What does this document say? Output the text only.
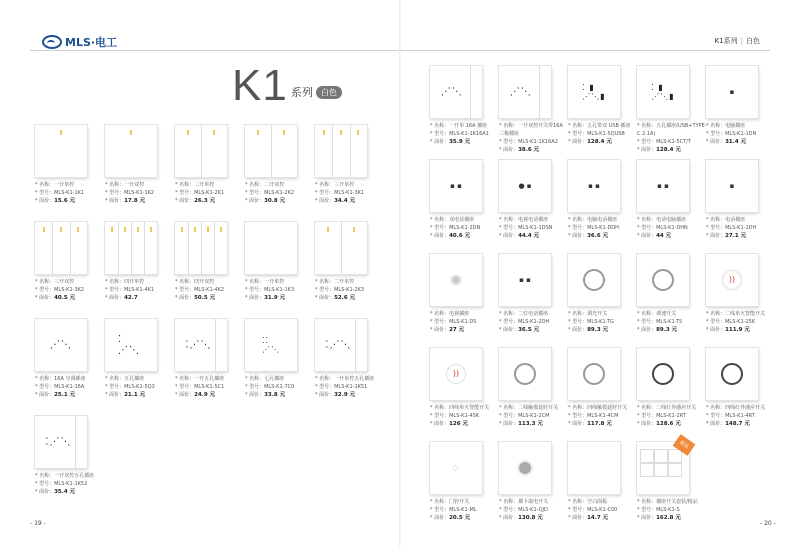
MLS·电工
K1 系列	白色
* 名称：一开单控
* 型号：MLS-K1-1K1
* 面价：15.6 元
* 名称：一开双控
* 型号：MLS-K1-1K2
* 面价：17.8 元
* 名称：二开单控
* 型号：MLS-K1-2K1
* 面价：26.3 元
* 名称：二开双控
* 型号：MLS-K1-2K2
* 面价：30.8 元
* 名称：三开单控
* 型号：MLS-K1-3K1
* 面价：34.4 元
* 名称：三开双控
* 型号：MLS-K1-3K2
* 面价：40.5 元
* 名称：四开单控
* 型号：MLS-K1-4K1
* 面价：42.7
* 名称：四开双控
* 型号：MLS-K1-4K2
* 面价：50.5 元
* 名称：一开单控
* 型号：MLS-K1-1K3
* 面价：31.9 元
* 名称：二开单控
* 型号：MLS-K1-2K3
* 面价：52.6 元
⋰⋱
* 名称：16A 空调插座
* 型号：MLS-K1-16A
* 面价：25.1 元
⁚⋰⋱
* 名称：五孔插座
* 型号：MLS-K1-5Q3
* 面价：21.1 元
⁚⋰⋱
* 名称：一开五孔插座
* 型号：MLS-K1-5C1
* 面价：24.9 元
⁚⁚
⋰⋱
* 名称：七孔插座
* 型号：MLS-K1-7C0
* 面价：33.8 元
⁚⋰⋱
* 名称：一开单控五孔插座
* 型号：MLS-K1-1K51
* 面价：32.9 元
⁚⋰⋱
* 名称：一开双控五孔插座
* 型号：MLS-K1-1K52
* 面价：35.4 元
- 19 -
K1系列 | 白色
⋰⋱
* 名称：一开单 16A 插座
* 型号：MLS-K1-1K16A1
* 面价：35.9 元
⋰⋱
* 名称：一开双控开关带16A 三极插座
* 型号：MLS-K1-1K16A2
* 面价：38.6 元
⁚ ▮
⋰⋱▮
* 名称：五孔带双 USB 插座
* 型号：MLS-K1-5QUSB
* 面价：128.4 元
⁚ ▮
⋰⋱▮
* 名称：五孔插座(USB+TYPE-C 2.1A)
* 型号：MLS-K1-5CT/T
* 面价：128.4 元
▪
* 名称：电脑插座
* 型号：MLS-K1-1DN
* 面价：31.4 元
▪ ▪
* 名称：双电话插座
* 型号：MLS-K1-2DN
* 面价：40.6 元
● ▪
* 名称：电视电话插座
* 型号：MLS-K1-1DSN
* 面价：44.4 元
▪ ▪
* 名称：电脑电话插座
* 型号：MLS-K1-DDH
* 面价：36.6 元
▪ ▪
* 名称：电话电脑插座
* 型号：MLS-K1-DHN
* 面价：44 元
▪
* 名称：电话插座
* 型号：MLS-K1-1DH
* 面价：27.1 元
* 名称：电视插座
* 型号：MLS-K1-DS
* 面价：27 元
▪ ▪
* 名称：二位电话插座
* 型号：MLS-K1-2DH
* 面价：36.5 元
* 名称：调光开关
* 型号：MLS-K1-TG
* 面价：89.3 元
* 名称：调速开关
* 型号：MLS-K1-TS
* 面价：89.3 元
))
* 名称：二线单火智能开关
* 型号：MLS-K1-25K
* 面价：111.9 元
))
* 名称：四线单火智能开关
* 型号：MLS-K1-4SK
* 面价：126 元
* 名称：二线触摸延时开关
* 型号：MLS-K1-2CM
* 面价：113.3 元
* 名称：四线触摸延时开关
* 型号：MLS-K1-4CM
* 面价：117.8 元
* 名称：二线红外感应开关
* 型号：MLS-K1-2RT
* 面价：128.6 元
* 名称：四线红外感应开关
* 型号：MLS-K1-4RT
* 面价：148.7 元
◌
* 名称：门铃开关
* 型号：MLS-K1-ML
* 面价：20.5 元
* 名称：插卡取电开关
* 型号：MLS-K1-QJD
* 面价：130.8 元
* 名称：空白面板
* 型号：MLS-K1-C00
* 面价：14.7 元
新品
* 名称：插座开关套装/精品
* 型号：MLS-K1-S
* 面价：162.8 元
- 20 -
